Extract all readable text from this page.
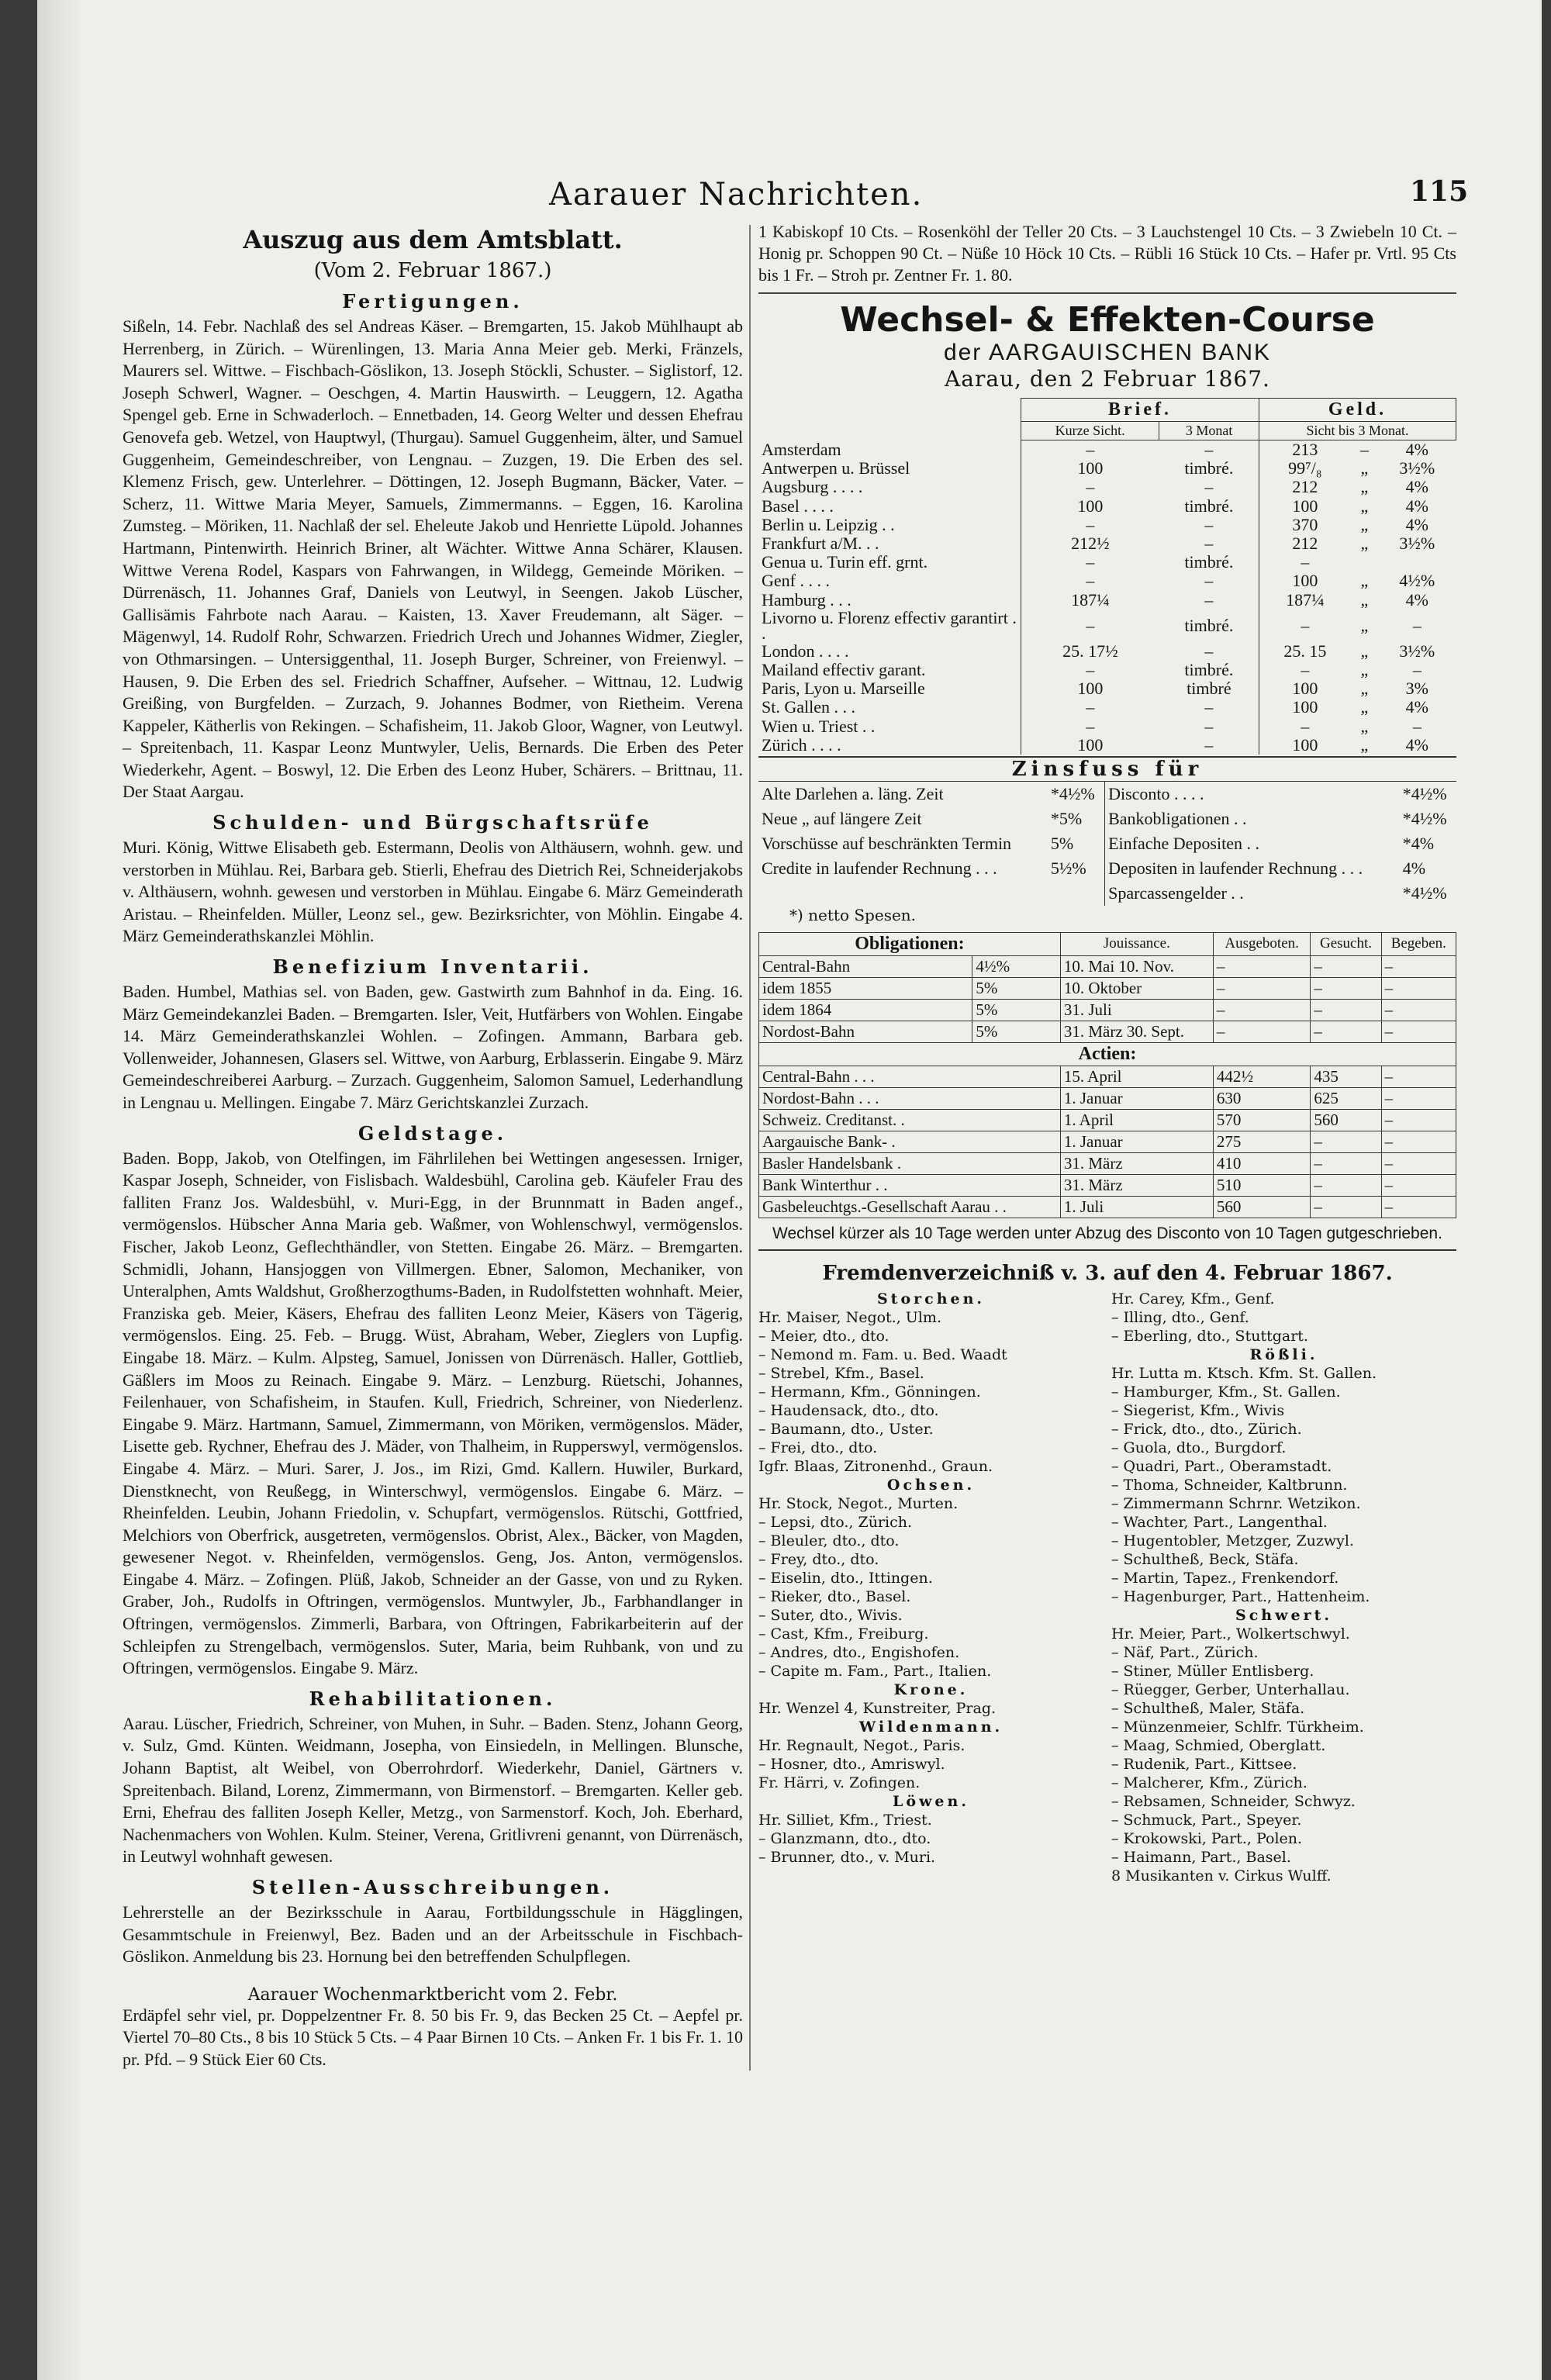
Aarauer Nachrichten.	115
Auszug aus dem Amtsblatt.
(Vom 2. Februar 1867.)
Fertigungen.

Sißeln, 14. Febr. Nachlaß des sel Andreas Käser. – Bremgarten, 15. Jakob Mühlhaupt ab Herrenberg, in Zürich. – Würenlingen, 13. Maria Anna Meier geb. Merki, Fränzels, Maurers sel. Wittwe. – Fischbach-Göslikon, 13. Joseph Stöckli, Schuster. – Siglistorf, 12. Joseph Schwerl, Wagner. – Oeschgen, 4. Martin Hauswirth. – Leuggern, 12. Agatha Spengel geb. Erne in Schwaderloch. – Ennetbaden, 14. Georg Welter und dessen Ehefrau Genovefa geb. Wetzel, von Hauptwyl, (Thurgau). Samuel Guggenheim, älter, und Samuel Guggenheim, Gemeindeschreiber, von Lengnau. – Zuzgen, 19. Die Erben des sel. Klemenz Frisch, gew. Unterlehrer. – Döttingen, 12. Joseph Bugmann, Bäcker, Vater. – Scherz, 11. Wittwe Maria Meyer, Samuels, Zimmermanns. – Eggen, 16. Karolina Zumsteg. – Möriken, 11. Nachlaß der sel. Eheleute Jakob und Henriette Lüpold. Johannes Hartmann, Pintenwirth. Heinrich Briner, alt Wächter. Wittwe Anna Schärer, Klausen. Wittwe Verena Rodel, Kaspars von Fahrwangen, in Wildegg, Gemeinde Möriken. – Dürrenäsch, 11. Johannes Graf, Daniels von Leutwyl, in Seengen. Jakob Lüscher, Gallisämis Fahrbote nach Aarau. – Kaisten, 13. Xaver Freudemann, alt Säger. – Mägenwyl, 14. Rudolf Rohr, Schwarzen. Friedrich Urech und Johannes Widmer, Ziegler, von Othmarsingen. – Untersiggenthal, 11. Joseph Burger, Schreiner, von Freienwyl. – Hausen, 9. Die Erben des sel. Friedrich Schaffner, Aufseher. – Wittnau, 12. Ludwig Greißing, von Burgfelden. – Zurzach, 9. Johannes Bodmer, von Rietheim. Verena Kappeler, Kätherlis von Rekingen. – Schafisheim, 11. Jakob Gloor, Wagner, von Leutwyl. – Spreitenbach, 11. Kaspar Leonz Muntwyler, Uelis, Bernards. Die Erben des Peter Wiederkehr, Agent. – Boswyl, 12. Die Erben des Leonz Huber, Schärers. – Brittnau, 11. Der Staat Aargau.

Schulden- und Bürgschaftsrüfe

Muri. König, Wittwe Elisabeth geb. Estermann, Deolis von Althäusern, wohnh. gew. und verstorben in Mühlau. Rei, Barbara geb. Stierli, Ehefrau des Dietrich Rei, Schneiderjakobs v. Althäusern, wohnh. gewesen und verstorben in Mühlau. Eingabe 6. März Gemeinderath Aristau. – Rheinfelden. Müller, Leonz sel., gew. Bezirksrichter, von Möhlin. Eingabe 4. März Gemeinderathskanzlei Möhlin.

Benefizium Inventarii.

Baden. Humbel, Mathias sel. von Baden, gew. Gastwirth zum Bahnhof in da. Eing. 16. März Gemeindekanzlei Baden. – Bremgarten. Isler, Veit, Hutfärbers von Wohlen. Eingabe 14. März Gemeinderathskanzlei Wohlen. – Zofingen. Ammann, Barbara geb. Vollenweider, Johannesen, Glasers sel. Wittwe, von Aarburg, Erblasserin. Eingabe 9. März Gemeindeschreiberei Aarburg. – Zurzach. Guggenheim, Salomon Samuel, Lederhandlung in Lengnau u. Mellingen. Eingabe 7. März Gerichtskanzlei Zurzach.

Geldstage.

Baden. Bopp, Jakob, von Otelfingen, im Fährlilehen bei Wettingen angesessen. Irniger, Kaspar Joseph, Schneider, von Fislisbach. Waldesbühl, Carolina geb. Käufeler Frau des falliten Franz Jos. Waldesbühl, v. Muri-Egg, in der Brunnmatt in Baden angef., vermögenslos. Hübscher Anna Maria geb. Waßmer, von Wohlenschwyl, vermögenslos. Fischer, Jakob Leonz, Geflechthändler, von Stetten. Eingabe 26. März. – Bremgarten. Schmidli, Johann, Hansjoggen von Villmergen. Ebner, Salomon, Mechaniker, von Unteralphen, Amts Waldshut, Großherzogthums-Baden, in Rudolfstetten wohnhaft. Meier, Franziska geb. Meier, Käsers, Ehefrau des falliten Leonz Meier, Käsers von Tägerig, vermögenslos. Eing. 25. Feb. – Brugg. Wüst, Abraham, Weber, Zieglers von Lupfig. Eingabe 18. März. – Kulm. Alpsteg, Samuel, Jonissen von Dürrenäsch. Haller, Gottlieb, Gäßlers im Moos zu Reinach. Eingabe 9. März. – Lenzburg. Rüetschi, Johannes, Feilenhauer, von Schafisheim, in Staufen. Kull, Friedrich, Schreiner, von Niederlenz. Eingabe 9. März. Hartmann, Samuel, Zimmermann, von Möriken, vermögenslos. Mäder, Lisette geb. Rychner, Ehefrau des J. Mäder, von Thalheim, in Rupperswyl, vermögenslos. Eingabe 4. März. – Muri. Sarer, J. Jos., im Rizi, Gmd. Kallern. Huwiler, Burkard, Dienstknecht, von Reußegg, in Winterschwyl, vermögenslos. Eingabe 6. März. – Rheinfelden. Leubin, Johann Friedolin, v. Schupfart, vermögenslos. Rütschi, Gottfried, Melchiors von Oberfrick, ausgetreten, vermögenslos. Obrist, Alex., Bäcker, von Magden, gewesener Negot. v. Rheinfelden, vermögenslos. Geng, Jos. Anton, vermögenslos. Eingabe 4. März. – Zofingen. Plüß, Jakob, Schneider an der Gasse, von und zu Ryken. Graber, Joh., Rudolfs in Oftringen, vermögenslos. Muntwyler, Jb., Farbhandlanger in Oftringen, vermögenslos. Zimmerli, Barbara, von Oftringen, Fabrikarbeiterin auf der Schleipfen zu Strengelbach, vermögenslos. Suter, Maria, beim Ruhbank, von und zu Oftringen, vermögenslos. Eingabe 9. März.

Rehabilitationen.

Aarau. Lüscher, Friedrich, Schreiner, von Muhen, in Suhr. – Baden. Stenz, Johann Georg, v. Sulz, Gmd. Künten. Weidmann, Josepha, von Einsiedeln, in Mellingen. Blunsche, Johann Baptist, alt Weibel, von Oberrohrdorf. Wiederkehr, Daniel, Gärtners v. Spreitenbach. Biland, Lorenz, Zimmermann, von Birmenstorf. – Bremgarten. Keller geb. Erni, Ehefrau des falliten Joseph Keller, Metzg., von Sarmenstorf. Koch, Joh. Eberhard, Nachenmachers von Wohlen. Kulm. Steiner, Verena, Gritlivreni genannt, von Dürrenäsch, in Leutwyl wohnhaft gewesen.

Stellen-Ausschreibungen.

Lehrerstelle an der Bezirksschule in Aarau, Fortbildungsschule in Hägglingen, Gesammtschule in Freienwyl, Bez. Baden und an der Arbeitsschule in Fischbach-Göslikon. Anmeldung bis 23. Hornung bei den betreffenden Schulpflegen.

Aarauer Wochenmarktbericht vom 2. Febr.

Erdäpfel sehr viel, pr. Doppelzentner Fr. 8. 50 bis Fr. 9, das Becken 25 Ct. – Aepfel pr. Viertel 70–80 Cts., 8 bis 10 Stück 5 Cts. – 4 Paar Birnen 10 Cts. – Anken Fr. 1 bis Fr. 1. 10 pr. Pfd. – 9 Stück Eier 60 Cts.

1 Kabiskopf 10 Cts. – Rosenköhl der Teller 20 Cts. – 3 Lauchstengel 10 Cts. – 3 Zwiebeln 10 Ct. – Honig pr. Schoppen 90 Ct. – Nüße 10 Höck 10 Cts. – Rübli 16 Stück 10 Cts. – Hafer pr. Vrtl. 95 Cts bis 1 Fr. – Stroh pr. Zentner Fr. 1. 80.

Wechsel- & Effekten-Course
der AARGAUISCHEN BANK
Aarau, den 2 Februar 1867.
	Brief.		Geld.		
	Kurze Sicht.	3 Monat	Sicht bis 3 Monat.		
Amsterdam	–	–	213	–	4%
Antwerpen u. Brüssel	100	timbré.	99⁷/₈	„	3½%
Augsburg . . . .	–	–	212	„	4%
Basel . . . .	100	timbré.	100	„	4%
Berlin u. Leipzig . .	–	–	370	„	4%
Frankfurt a/M. . .	212½	–	212	„	3½%
Genua u. Turin eff. grnt.	–	timbré.	–		
Genf . . . .	–	–	100	„	4½%
Hamburg . . .	187¼	–	187¼	„	4%
Livorno u. Florenz effectiv garantirt . .	–	timbré.	–	„	–
London . . . .	25. 17½	–	25. 15	„	3½%
Mailand effectiv garant.	–	timbré.	–	„	–
Paris, Lyon u. Marseille	100	timbré	100	„	3%
St. Gallen . . .	–	–	100	„	4%
Wien u. Triest . .	–	–	–	„	–
Zürich . . . .	100	–	100	„	4%
Zinsfuss für
Alte Darlehen a. läng. Zeit	*4½%	Disconto . . . .	*4½%
Neue „ auf längere Zeit	*5%	Bankobligationen . .	*4½%
Vorschüsse auf beschränkten Termin	5%	Einfache Depositen . .	*4%
Credite in laufender Rechnung . . .	5½%	Depositen in laufender Rechnung . . .	4%
		Sparcassengelder . .	*4½%
*) netto Spesen.
Obligationen:		Jouissance.	Ausgeboten.	Gesucht.	Begeben.
Central-Bahn	4½%	10. Mai 10. Nov.	–	–	–
idem 1855	5%	10. Oktober	–	–	–
idem 1864	5%	31. Juli	–	–	–
Nordost-Bahn	5%	31. März 30. Sept.	–	–	–
Actien:					
Central-Bahn . . .		15. April	442½	435	–
Nordost-Bahn . . .		1. Januar	630	625	–
Schweiz. Creditanst. .		1. April	570	560	–
Aargauische Bank- .		1. Januar	275	–	–
Basler Handelsbank .		31. März	410	–	–
Bank Winterthur . .		31. März	510	–	–
Gasbeleuchtgs.-Gesellschaft Aarau . .		1. Juli	560	–	–
Wechsel kürzer als 10 Tage werden unter Abzug des Disconto von 10 Tagen gutgeschrieben.
Fremdenverzeichniß v. 3. auf den 4. Februar 1867.
Storchen.
Hr. Maiser, Negot., Ulm.
– Meier, dto., dto.
– Nemond m. Fam. u. Bed. Waadt
– Strebel, Kfm., Basel.
– Hermann, Kfm., Gönningen.
– Haudensack, dto., dto.
– Baumann, dto., Uster.
– Frei, dto., dto.
Igfr. Blaas, Zitronenhd., Graun.
Ochsen.
Hr. Stock, Negot., Murten.
– Lepsi, dto., Zürich.
– Bleuler, dto., dto.
– Frey, dto., dto.
– Eiselin, dto., Ittingen.
– Rieker, dto., Basel.
– Suter, dto., Wivis.
– Cast, Kfm., Freiburg.
– Andres, dto., Engishofen.
– Capite m. Fam., Part., Italien.
Krone.
Hr. Wenzel 4, Kunstreiter, Prag.
Wildenmann.
Hr. Regnault, Negot., Paris.
– Hosner, dto., Amriswyl.
Fr. Härri, v. Zofingen.
Löwen.
Hr. Silliet, Kfm., Triest.
– Glanzmann, dto., dto.
– Brunner, dto., v. Muri.
Hr. Carey, Kfm., Genf.
– Illing, dto., Genf.
– Eberling, dto., Stuttgart.
Rößli.
Hr. Lutta m. Ktsch. Kfm. St. Gallen.
– Hamburger, Kfm., St. Gallen.
– Siegerist, Kfm., Wivis
– Frick, dto., dto., Zürich.
– Guola, dto., Burgdorf.
– Quadri, Part., Oberamstadt.
– Thoma, Schneider, Kaltbrunn.
– Zimmermann Schrnr. Wetzikon.
– Wachter, Part., Langenthal.
– Hugentobler, Metzger, Zuzwyl.
– Schultheß, Beck, Stäfa.
– Martin, Tapez., Frenkendorf.
– Hagenburger, Part., Hattenheim.
Schwert.
Hr. Meier, Part., Wolkertschwyl.
– Näf, Part., Zürich.
– Stiner, Müller Entlisberg.
– Rüegger, Gerber, Unterhallau.
– Schultheß, Maler, Stäfa.
– Münzenmeier, Schlfr. Türkheim.
– Maag, Schmied, Oberglatt.
– Rudenik, Part., Kittsee.
– Malcherer, Kfm., Zürich.
– Rebsamen, Schneider, Schwyz.
– Schmuck, Part., Speyer.
– Krokowski, Part., Polen.
– Haimann, Part., Basel.
8 Musikanten v. Cirkus Wulff.
